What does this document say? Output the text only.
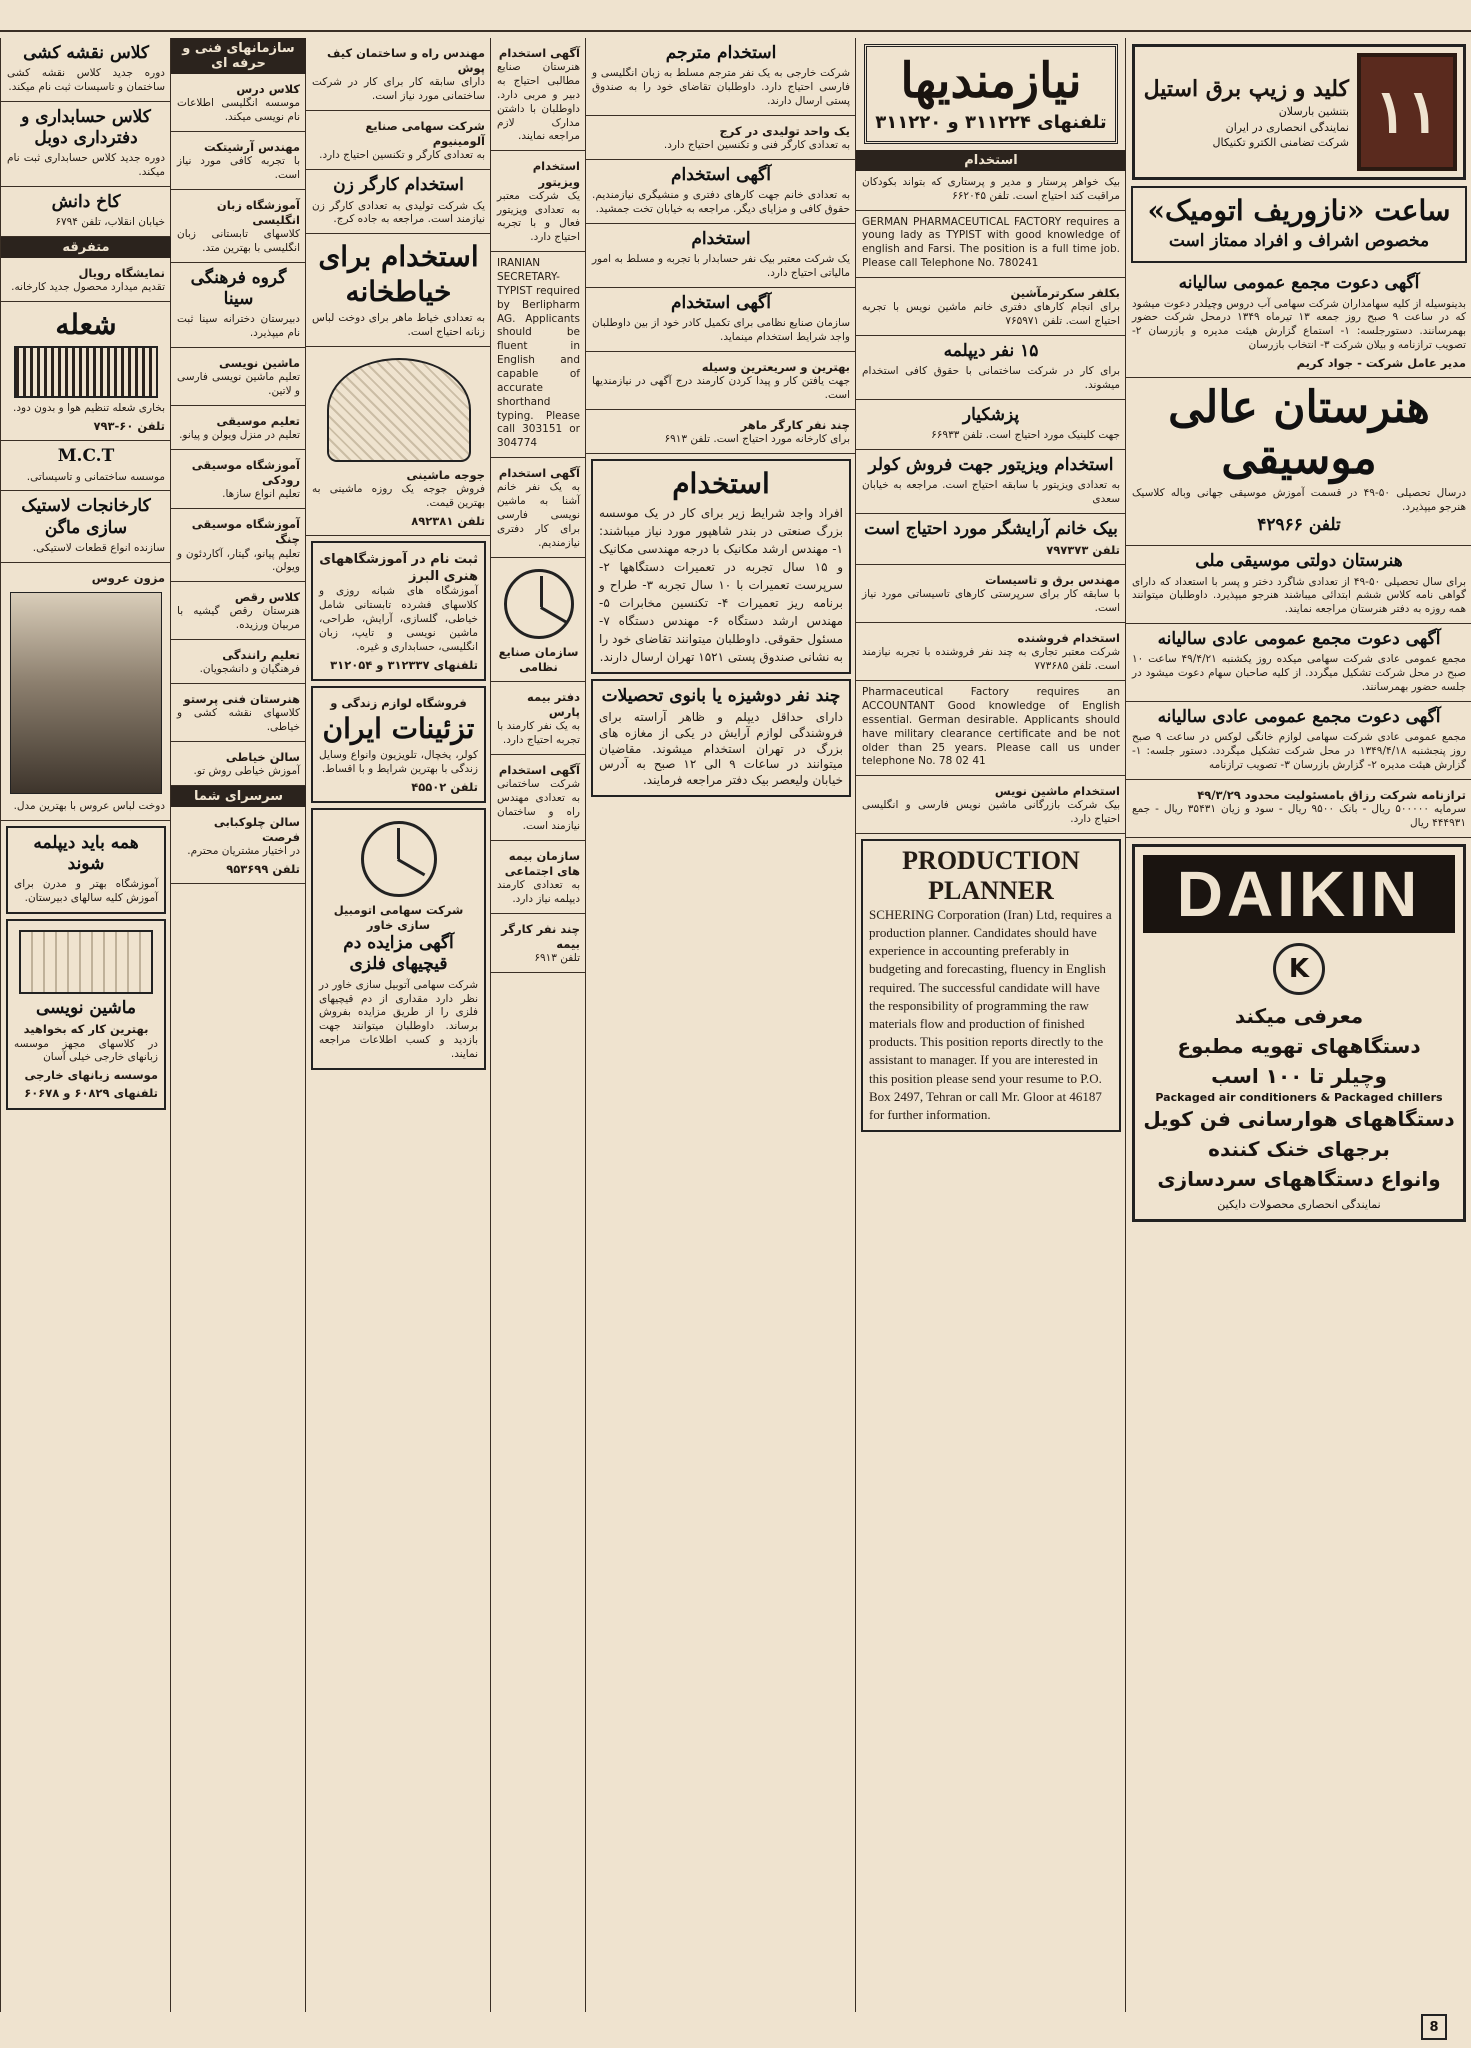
۱۱
کلید و زیپ برق استیل
بتنشین بارسلان
نمایندگی انحصاری در ایران
شرکت تضامنی الکترو تکنیکال
ساعت «نازوریف اتومیک»
مخصوص اشراف و افراد ممتاز است
آگهی دعوت مجمع عمومی سالیانه
بدینوسیله از کلیه سهامداران شرکت سهامی آب دروس وچیلدر دعوت میشود که در ساعت ۹ صبح روز جمعه ۱۳ تیرماه ۱۳۴۹ درمحل شرکت حضور بهمرسانند. دستورجلسه: ۱- استماع گزارش هیئت مدیره و بازرسان ۲- تصویب ترازنامه و بیلان شرکت ۳- انتخاب بازرسان
مدیر عامل شرکت - جواد کریم
هنرستان عالی موسیقی
درسال تحصیلی ۵۰-۴۹ در قسمت آموزش موسیقی جهانی وباله کلاسیک هنرجو میپذیرد.
تلفن ۴۲۹۶۶
هنرستان دولتی موسیقی ملی
برای سال تحصیلی ۵۰-۴۹ از تعدادی شاگرد دختر و پسر با استعداد که دارای گواهی نامه کلاس ششم ابتدائی میباشند هنرجو میپذیرد. داوطلبان میتوانند همه روزه به دفتر هنرستان مراجعه نمایند.
آگهی دعوت مجمع عمومی عادی سالیانه
مجمع عمومی عادی شرکت سهامی میکده روز یکشنبه ۴۹/۴/۲۱ ساعت ۱۰ صبح در محل شرکت تشکیل میگردد. از کلیه صاحبان سهام دعوت میشود در جلسه حضور بهمرسانند.
آگهی دعوت مجمع عمومی عادی سالیانه
مجمع عمومی عادی شرکت سهامی لوازم خانگی لوکس در ساعت ۹ صبح روز پنجشنبه ۱۳۴۹/۴/۱۸ در محل شرکت تشکیل میگردد. دستور جلسه: ۱- گزارش هیئت مدیره ۲- گزارش بازرسان ۳- تصویب ترازنامه
ترازنامه شرکت رزاق بامسئولیت محدود ۴۹/۳/۲۹
سرمایه ۵۰۰۰۰۰ ریال - بانک ۹۵۰۰ ریال - سود و زیان ۳۵۴۳۱ ریال - جمع ۴۴۴۹۳۱ ریال
DAIKIN
K
معرفی میکند
دستگاههای تهویه مطبوع
وچیلر تا ۱۰۰ اسب
Packaged air conditioners & Packaged chillers
دستگاههای هوارسانی فن کویل
برجهای خنک کننده
وانواع دستگاههای سردسازی
نمایندگی انحصاری محصولات دایکین
نیازمندیها
تلفنهای ۳۱۱۲۲۴ و ۳۱۱۲۲۰
استخدام
بیک خواهر پرستار و مدیر و پرستاری که بتواند بکودکان مراقبت کند احتیاج است. تلفن ۶۶۲۰۴۵
GERMAN PHARMACEUTICAL FACTORY requires a young lady as TYPIST with good knowledge of english and Farsi. The position is a full time job. Please call Telephone No. 780241
بکلفر سکرترمآشین
برای انجام کارهای دفتری خانم ماشین نویس با تجربه احتیاج است. تلفن ۷۶۵۹۷۱
۱۵ نفر دیپلمه
برای کار در شرکت ساختمانی با حقوق کافی استخدام میشوند.
پزشکیار
جهت کلینیک مورد احتیاج است. تلفن ۶۶۹۳۳
استخدام ویزیتور جهت فروش کولر
به تعدادی ویزیتور با سابقه احتیاج است. مراجعه به خیابان سعدی
بیک خانم آرایشگر مورد احتیاج است
تلفن ۷۹۷۳۷۳
مهندس برق و تاسیسات
با سابقه کار برای سرپرستی کارهای تاسیساتی مورد نیاز است.
استخدام فروشنده
شرکت معتبر تجاری به چند نفر فروشنده با تجربه نیازمند است. تلفن ۷۷۳۶۸۵
Pharmaceutical Factory requires an ACCOUNTANT Good knowledge of English essential. German desirable. Applicants should have military clearance certificate and be not older than 25 years. Please call us under telephone No. 78 02 41
استخدام ماشین نویس
بیک شرکت بازرگانی ماشین نویس فارسی و انگلیسی احتیاج دارد.
PRODUCTION PLANNER
SCHERING Corporation (Iran) Ltd, requires a production planner. Candidates should have experience in accounting preferably in budgeting and forecasting, fluency in English required. The successful candidate will have the responsibility of programming the raw materials flow and production of finished products. This position reports directly to the assistant to manager. If you are interested in this position please send your resume to P.O. Box 2497, Tehran or call Mr. Gloor at 46187 for further information.
استخدام مترجم
شرکت خارجی به یک نفر مترجم مسلط به زبان انگلیسی و فارسی احتیاج دارد. داوطلبان تقاضای خود را به صندوق پستی ارسال دارند.
یک واحد تولیدی در کرج
به تعدادی کارگر فنی و تکنسین احتیاج دارد.
آگهی استخدام
به تعدادی خانم جهت کارهای دفتری و منشیگری نیازمندیم. حقوق کافی و مزایای دیگر. مراجعه به خیابان تخت جمشید.
استخدام
یک شرکت معتبر بیک نفر حسابدار با تجربه و مسلط به امور مالیاتی احتیاج دارد.
آگهی استخدام
سازمان صنایع نظامی برای تکمیل کادر خود از بین داوطلبان واجد شرایط استخدام مینماید.
بهترین و سریعترین وسیله
جهت یافتن کار و پیدا کردن کارمند درج آگهی در نیازمندیها است.
چند نفر کارگر ماهر
برای کارخانه مورد احتیاج است. تلفن ۶۹۱۳
استخدام
افراد واجد شرایط زیر برای کار در یک موسسه بزرگ صنعتی در بندر شاهپور مورد نیاز میباشند: ۱- مهندس ارشد مکانیک با درجه مهندسی مکانیک و ۱۵ سال تجربه در تعمیرات دستگاهها ۲- سرپرست تعمیرات با ۱۰ سال تجربه ۳- طراح و برنامه ریز تعمیرات ۴- تکنسین مخابرات ۵- مهندس ارشد دستگاه ۶- مهندس دستگاه ۷- مسئول حقوقی. داوطلبان میتوانند تقاضای خود را به نشانی صندوق پستی ۱۵۲۱ تهران ارسال دارند.
چند نفر دوشیزه یا بانوی تحصیلات
دارای حداقل دیپلم و ظاهر آراسته برای فروشندگی لوازم آرایش در یکی از مغازه های بزرگ در تهران استخدام میشوند. مقاضیان میتوانند در ساعات ۹ الی ۱۲ صبح به آدرس خیابان ولیعصر بیک دفتر مراجعه فرمایند.
آگهی استخدام
هنرستان صنایع مطالبی احتیاج به دبیر و مربی دارد. داوطلبان با داشتن مدارک لازم مراجعه نمایند.
استخدام ویزیتور
یک شرکت معتبر به تعدادی ویزیتور فعال و با تجربه احتیاج دارد.
IRANIAN SECRETARY-TYPIST required by Berlipharm AG. Applicants should be fluent in English and capable of accurate shorthand typing. Please call 303151 or 304774
آگهی استخدام
به یک نفر خانم آشنا به ماشین نویسی فارسی برای کار دفتری نیازمندیم.
سازمان صنایع نظامی
دفتر بیمه پارس
به یک نفر کارمند با تجربه احتیاج دارد.
آگهی استخدام
شرکت ساختمانی به تعدادی مهندس راه و ساختمان نیازمند است.
سازمان بیمه های اجتماعی
به تعدادی کارمند دیپلمه نیاز دارد.
چند نفر کارگر بیمه
تلفن ۶۹۱۳
مهندس راه و ساختمان کیف پوش
دارای سابقه کار برای کار در شرکت ساختمانی مورد نیاز است.
شرکت سهامی صنایع آلومینیوم
به تعدادی کارگر و تکنسین احتیاج دارد.
استخدام کارگر زن
یک شرکت تولیدی به تعدادی کارگر زن نیازمند است. مراجعه به جاده کرج.
استخدام برای خیاطخانه
به تعدادی خیاط ماهر برای دوخت لباس زنانه احتیاج است.
جوجه ماشینی
فروش جوجه یک روزه ماشینی به بهترین قیمت.
تلفن ۸۹۲۳۸۱
ثبت نام در آموزشگاههای هنری البرز
آموزشگاه های شبانه روزی و کلاسهای فشرده تابستانی شامل خیاطی، گلسازی، آرایش، طراحی، ماشین نویسی و تایپ، زبان انگلیسی، حسابداری و غیره.
تلفنهای ۳۱۲۳۳۷ و ۳۱۲۰۵۴
فروشگاه لوازم زندگی و
تزئینات ایران
کولر، یخچال، تلویزیون وانواع وسایل زندگی با بهترین شرایط و با اقساط.
تلفن ۴۵۵۰۲
شرکت سهامی اتومبیل سازی خاور
آگهی مزایده دم قیچیهای فلزی
شرکت سهامی آتوبیل سازی خاور در نظر دارد مقداری از دم قیچیهای فلزی را از طریق مزایده بفروش برساند. داوطلبان میتوانند جهت بازدید و کسب اطلاعات مراجعه نمایند.
سازمانهای فنی و حرفه ای
کلاس درس
موسسه انگلیسی اطلاعات نام نویسی میکند.
مهندس آرشیتکت
با تجربه کافی مورد نیاز است.
آموزشگاه زبان انگلیسی
کلاسهای تابستانی زبان انگلیسی با بهترین متد.
گروه فرهنگی سینا
دبیرستان دخترانه سینا ثبت نام میپذیرد.
ماشین نویسی
تعلیم ماشین نویسی فارسی و لاتین.
تعلیم موسیقی
تعلیم در منزل ویولن و پیانو.
آموزشگاه موسیقی رودکی
تعلیم انواع سازها.
آموزشگاه موسیقی چنگ
تعلیم پیانو، گیتار، آکاردئون و ویولن.
کلاس رقص
هنرستان رقص گیشیه با مربیان ورزیده.
تعلیم رانندگی
فرهنگیان و دانشجویان.
هنرستان فنی پرستو
کلاسهای نقشه کشی و خیاطی.
سالن خیاطی
آموزش خیاطی روش تو.
سرسرای شما
سالن چلوکبابی فرصت
در اختیار مشتریان محترم.
تلفن ۹۵۳۶۹۹
کلاس نقشه کشی
دوره جدید کلاس نقشه کشی ساختمان و تاسیسات ثبت نام میکند.
کلاس حسابداری و دفترداری دوبل
دوره جدید کلاس حسابداری ثبت نام میکند.
کاخ دانش
خیابان انقلاب، تلفن ۶۷۹۴
متفرقه
نمایشگاه رویال
تقدیم میدارد محصول جدید کارخانه.
شعله
بخاری شعله تنظیم هوا و بدون دود.
تلفن ۶۰-۷۹۳
M.C.T
موسسه ساختمانی و تاسیساتی.
کارخانجات لاستیک سازی ماگن
سازنده انواع قطعات لاستیکی.
مزون عروس
دوخت لباس عروس با بهترین مدل.
همه باید دیپلمه شوند
آموزشگاه بهتر و مدرن برای آموزش کلیه سالهای دبیرستان.
ماشین نویسی
بهترین کار که بخواهید
در کلاسهای مجهز موسسه زبانهای خارجی خیلی آسان
موسسه زبانهای خارجی
تلفنهای ۶۰۸۲۹ و ۶۰۶۷۸
8
